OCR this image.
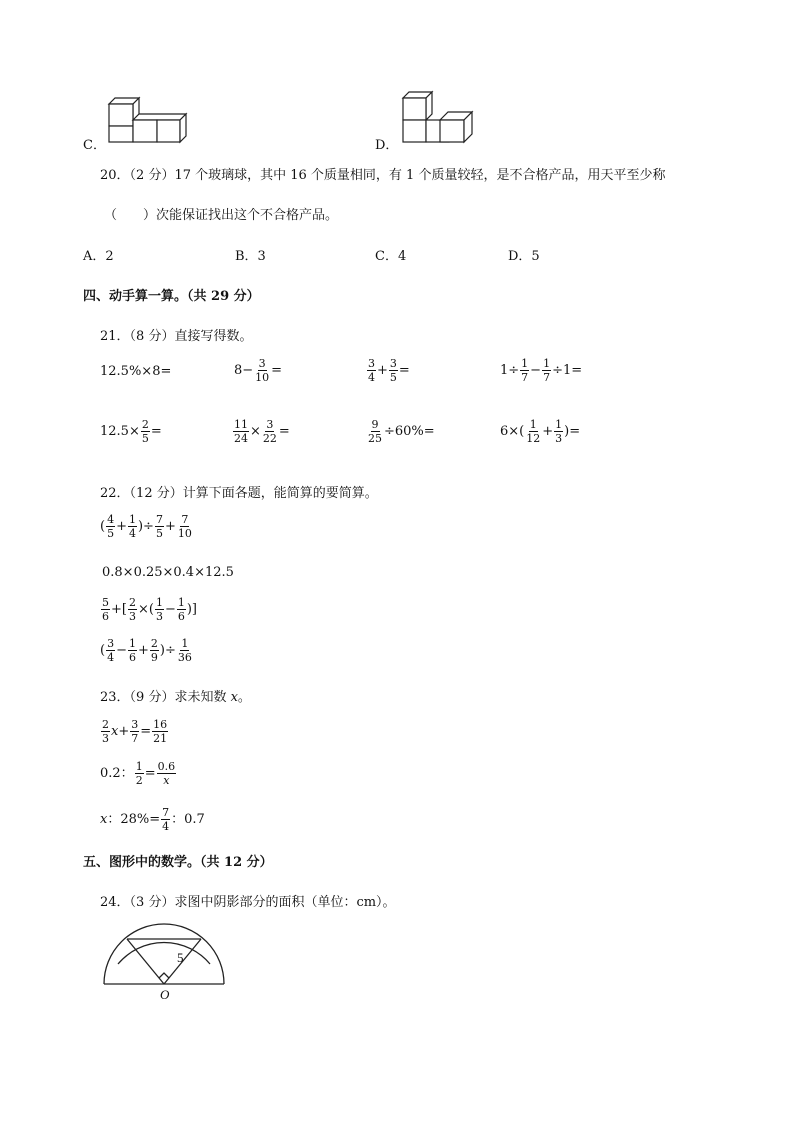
C．	D．
20．（2 分）17 个玻璃球，其中 16 个质量相同，有 1 个质量较轻，是不合格产品，用天平至少称
（　　）次能保证找出这个不合格产品。
A．2	B．3	C．4	D．5
四、动手算一算。（共 29 分）
21．（8 分）直接写得数。
12.5%×8=	$8- \frac{3}{10}$ =	$\frac{3}{4} + \frac{3}{5}$ =	$1\div \frac{1}{7} - \frac{1}{7} \div 1=$
$12.5\times \frac{2}{5}$ =	$\frac{11}{24} \times \frac{3}{22}$ =	$\frac{9}{25} \div 60\%=$	$6\times( \frac{1}{12} + \frac{1}{3}$ )=
22．（12 分）计算下面各题，能简算的要简算。
( $\frac{4}{5} + \frac{1}{4}$ )÷ $\frac{7}{5} + \frac{7}{10}$
0.8×0.25×0.4×12.5
$\frac{5}{6}$ +[ $\frac{2}{3}$ ×( $\frac{1}{3} - \frac{1}{6}$ )]
( $\frac{3}{4} - \frac{1}{6} + \frac{2}{9}$ )÷ $\frac{1}{36}$
23．（9 分）求未知数 x。
$\frac{2}{3} x+ \frac{3}{7} = \frac{16}{21}$
0.2： $\frac{1}{2} = \frac{0.6}{x}$
x：$28\%= \frac{7}{4}$ ：0.7
五、图形中的数学。（共 12 分）
24．（3 分）求图中阴影部分的面积（单位：cm）。
5
O
